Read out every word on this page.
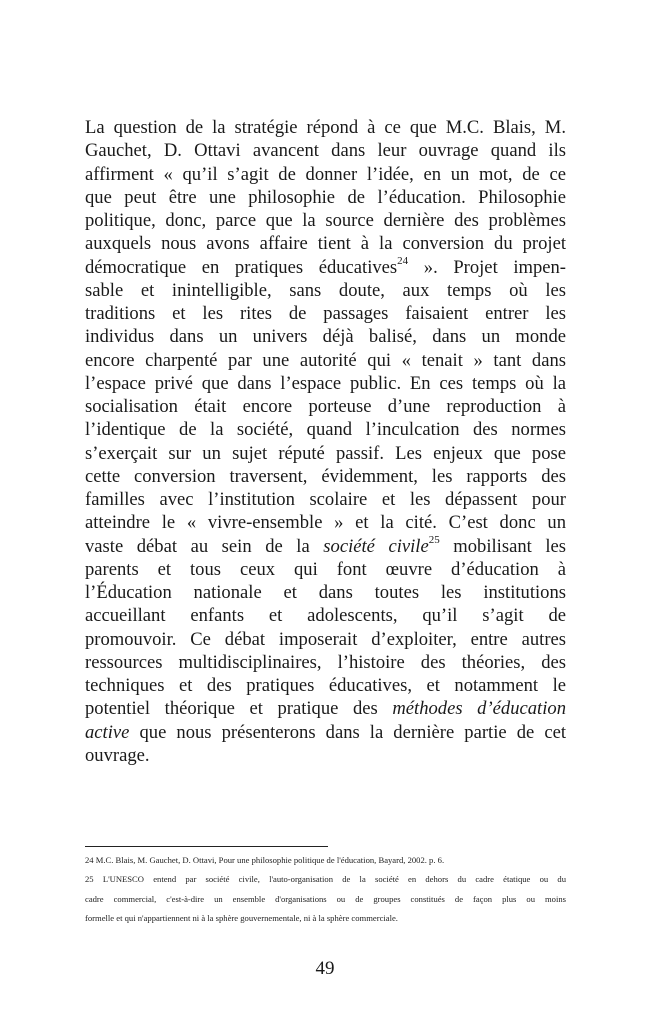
La question de la stratégie répond à ce que M.C. Blais, M.
Gauchet, D. Ottavi avancent dans leur ouvrage quand ils
affirment « qu’il s’agit de donner l’idée, en un mot, de ce
que peut être une philosophie de l’éducation. Philosophie
politique, donc, parce que la source dernière des problèmes
auxquels nous avons affaire tient à la conversion du projet
démocratique en pratiques éducatives$^{24}$ ». Projet impen-
sable et inintelligible, sans doute, aux temps où les
traditions et les rites de passages faisaient entrer les
individus dans un univers déjà balisé, dans un monde
encore charpenté par une autorité qui « tenait » tant dans
l’espace privé que dans l’espace public. En ces temps où la
socialisation était encore porteuse d’une reproduction à
l’identique de la société, quand l’inculcation des normes
s’exerçait sur un sujet réputé passif. Les enjeux que pose
cette conversion traversent, évidemment, les rapports des
familles avec l’institution scolaire et les dépassent pour
atteindre le « vivre-ensemble » et la cité. C’est donc un
vaste débat au sein de la société civile$^{25}$ mobilisant les
parents et tous ceux qui font œuvre d’éducation à
l’Éducation nationale et dans toutes les institutions
accueillant enfants et adolescents, qu’il s’agit de
promouvoir. Ce débat imposerait d’exploiter, entre autres
ressources multidisciplinaires, l’histoire des théories, des
techniques et des pratiques éducatives, et notamment le
potentiel théorique et pratique des méthodes d’éducation
active que nous présenterons dans la dernière partie de cet
ouvrage.
24 M.C. Blais, M. Gauchet, D. Ottavi, Pour une philosophie politique de l'éducation, Bayard, 2002. p. 6.
25 L'UNESCO entend par société civile, l'auto-organisation de la société en dehors du cadre étatique ou du
cadre commercial, c'est-à-dire un ensemble d'organisations ou de groupes constitués de façon plus ou moins
formelle et qui n'appartiennent ni à la sphère gouvernementale, ni à la sphère commerciale.
49
